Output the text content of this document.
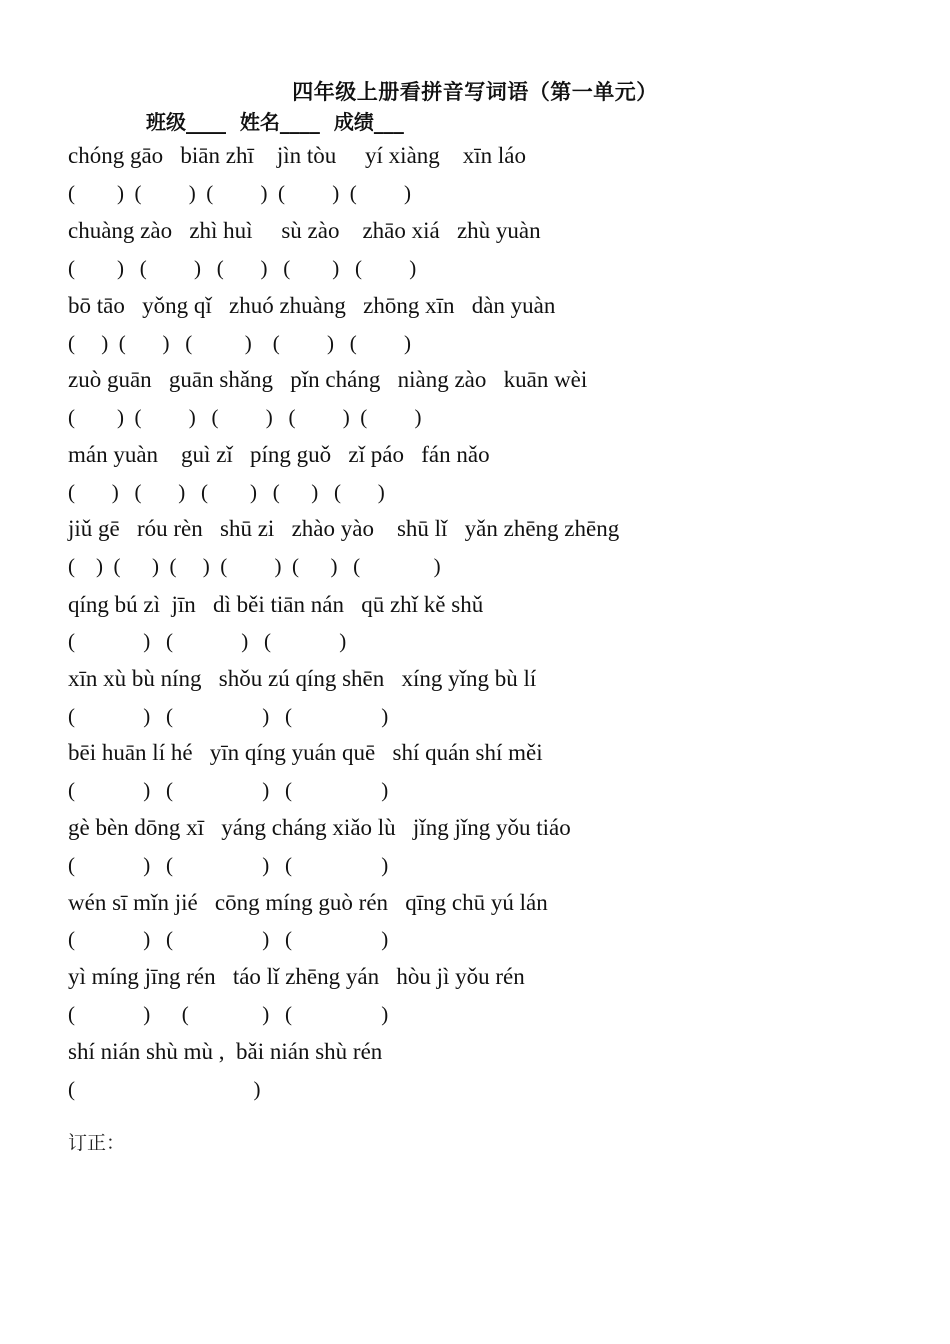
四年级上册看拼音写词语（第一单元）
班级____  姓名____  成绩___
chóng gāo   biān zhī    jìn tòu     yí xiàng    xīn láo
(        )  (         )  (         )  (         )  (         )
chuàng zào   zhì huì     sù zào    zhāo xiá   zhù yuàn
(        )   (         )   (       )   (        )   (         )
bō tāo   yǒng qǐ   zhuó zhuàng   zhōng xīn   dàn yuàn
(     )  (       )   (          )    (         )   (         )
zuò guān   guān shǎng   pǐn cháng   niàng zào   kuān wèi
(        )  (         )   (         )   (         )  (         )
mán yuàn    guì zǐ   píng guǒ   zǐ páo   fán nǎo
(       )   (       )   (        )   (      )   (       )
jiǔ gē   róu rèn   shū zi   zhào yào    shū lǐ   yǎn zhēng zhēng
(    )  (      )  (     )  (         )  (      )   (              )
qíng bú zì  jīn   dì běi tiān nán   qū zhǐ kě shǔ
(             )   (             )   (             )
xīn xù bù níng   shǒu zú qíng shēn   xíng yǐng bù lí
(             )   (                 )   (                 )
bēi huān lí hé   yīn qíng yuán quē   shí quán shí měi
(             )   (                 )   (                 )
gè bèn dōng xī   yáng cháng xiǎo lù   jǐng jǐng yǒu tiáo
(             )   (                 )   (                 )
wén sī mǐn jié   cōng míng guò rén   qīng chū yú lán
(             )   (                 )   (                 )
yì míng jīng rén   táo lǐ zhēng yán   hòu jì yǒu rén
(             )      (              )   (                 )
shí nián shù mù ,  bǎi nián shù rén
(                                  )
订正：
